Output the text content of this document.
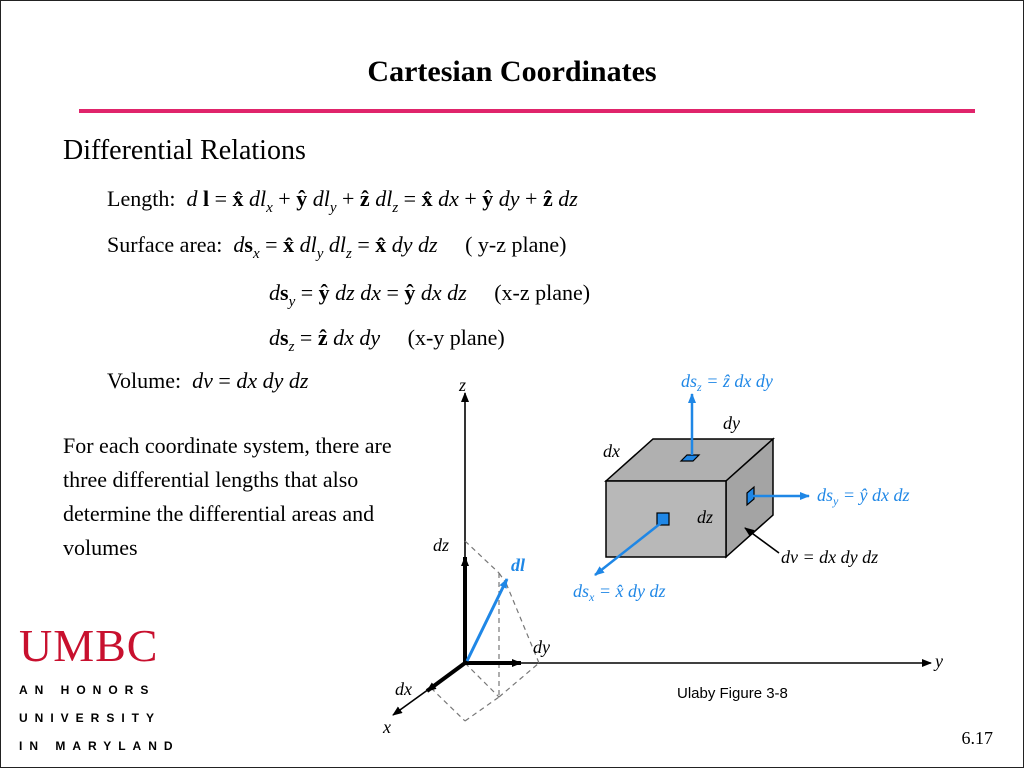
Cartesian Coordinates
Differential Relations
Length: d l = x̂ $dl_x$ + ŷ $dl_y$ + ẑ $dl_z$ = x̂ dx + ŷ dy + ẑ dz
Surface area: $ds_x$ = x̂ $dl_y$ $dl_z$ = x̂ dy dz ( y-z plane)
$ds_y$ = ŷ dz dx = ŷ dx dz (x-z plane)
$ds_z$ = ẑ dx dy (x-y plane)
Volume: dv = dx dy dz
For each coordinate system, there are three differential lengths that also determine the differential areas and volumes
z
y
x
dz
dy
dx
dl
dy
dx
dz
$ds_z$ = ẑ dx dy
$ds_y$ = ŷ dx dz
$ds_x$ = x̂ dy dz
dv = dx dy dz
UMBC
AN HONORS
UNIVERSITY
IN MARYLAND
Ulaby Figure 3-8
6.17
